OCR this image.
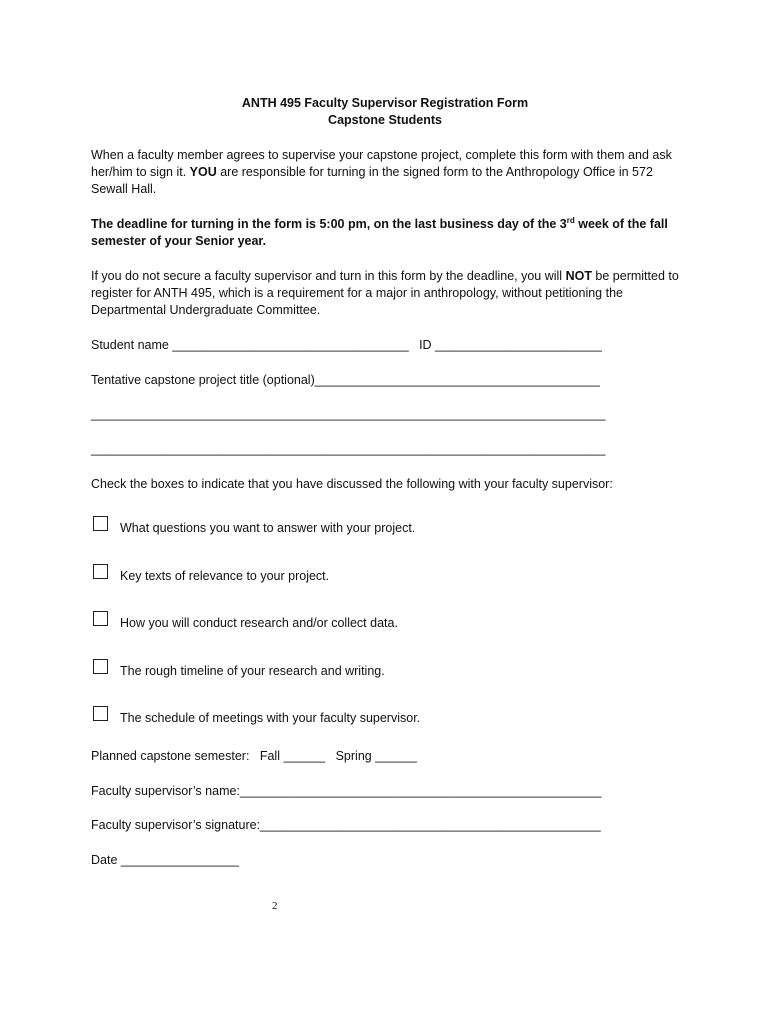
ANTH 495 Faculty Supervisor Registration Form
Capstone Students
When a faculty member agrees to supervise your capstone project, complete this form with them and ask her/him to sign it. YOU are responsible for turning in the signed form to the Anthropology Office in 572 Sewall Hall.
The deadline for turning in the form is 5:00 pm, on the last business day of the 3rd week of the fall semester of your Senior year.
If you do not secure a faculty supervisor and turn in this form by the deadline, you will NOT be permitted to register for ANTH 495, which is a requirement for a major in anthropology, without petitioning the Departmental Undergraduate Committee.
Student name __________________________________   ID ________________________
Tentative capstone project title (optional)_________________________________________
__________________________________________________________________________
__________________________________________________________________________
Check the boxes to indicate that you have discussed the following with your faculty supervisor:
What questions you want to answer with your project.
Key texts of relevance to your project.
How you will conduct research and/or collect data.
The rough timeline of your research and writing.
The schedule of meetings with your faculty supervisor.
Planned capstone semester:   Fall ______   Spring ______
Faculty supervisor’s name:____________________________________________________
Faculty supervisor’s signature:_________________________________________________
Date _________________
2
